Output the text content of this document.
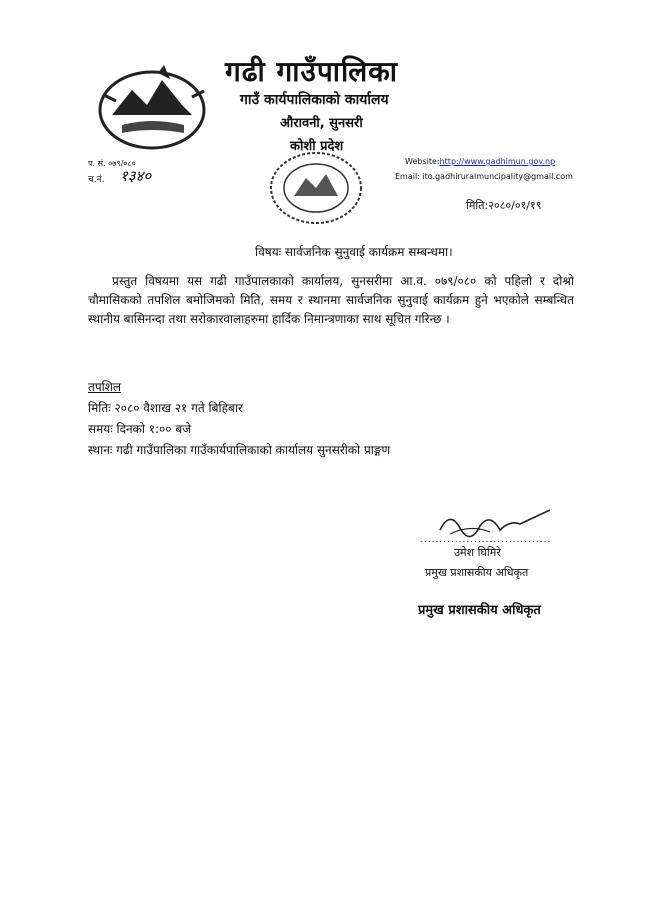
गढी गाउँपालिका
गाउँ कार्यपालिकाको कार्यालय
औरावनी, सुनसरी
कोशी प्रदेश
प. सं. ०७९/०८०
च.नं. १३४०
Website:http://www.gadhimun.gov.np
Email: ito.gadhiruralmuncipality@gmail.com
मिति:२०८०/०१/१९
विषयः सार्वजनिक सुनुवाई कार्यक्रम सम्बन्धमा।
प्रस्तुत विषयमा यस गढी गाउँपालकाको कार्यालय, सुनसरीमा आ.व. ०७९/०८० को पहिलो र दोश्रो चौमासिकको तपशिल बमोजिमको मिति, समय र स्थानमा सार्वजनिक सुनुवाई कार्यक्रम हुने भएकोले सम्बन्धित स्थानीय बासिनन्दा तथा सरोकारवालाहरुमा हार्दिक निमान्त्रणाका साथ सूचित गरिन्छ ।
तपशिल
मितिः २०८० वैशाख २१ गते बिहिबार
समयः दिनको १:०० बजे
स्थानः गढी गाउँपालिका गाउँकार्यपालिकाको कार्यालय सुनसरीको प्राङ्गण
..................................
उमेश घिमिरे
प्रमुख प्रशासकीय अधिकृत
प्रमुख प्रशासकीय अधिकृत
